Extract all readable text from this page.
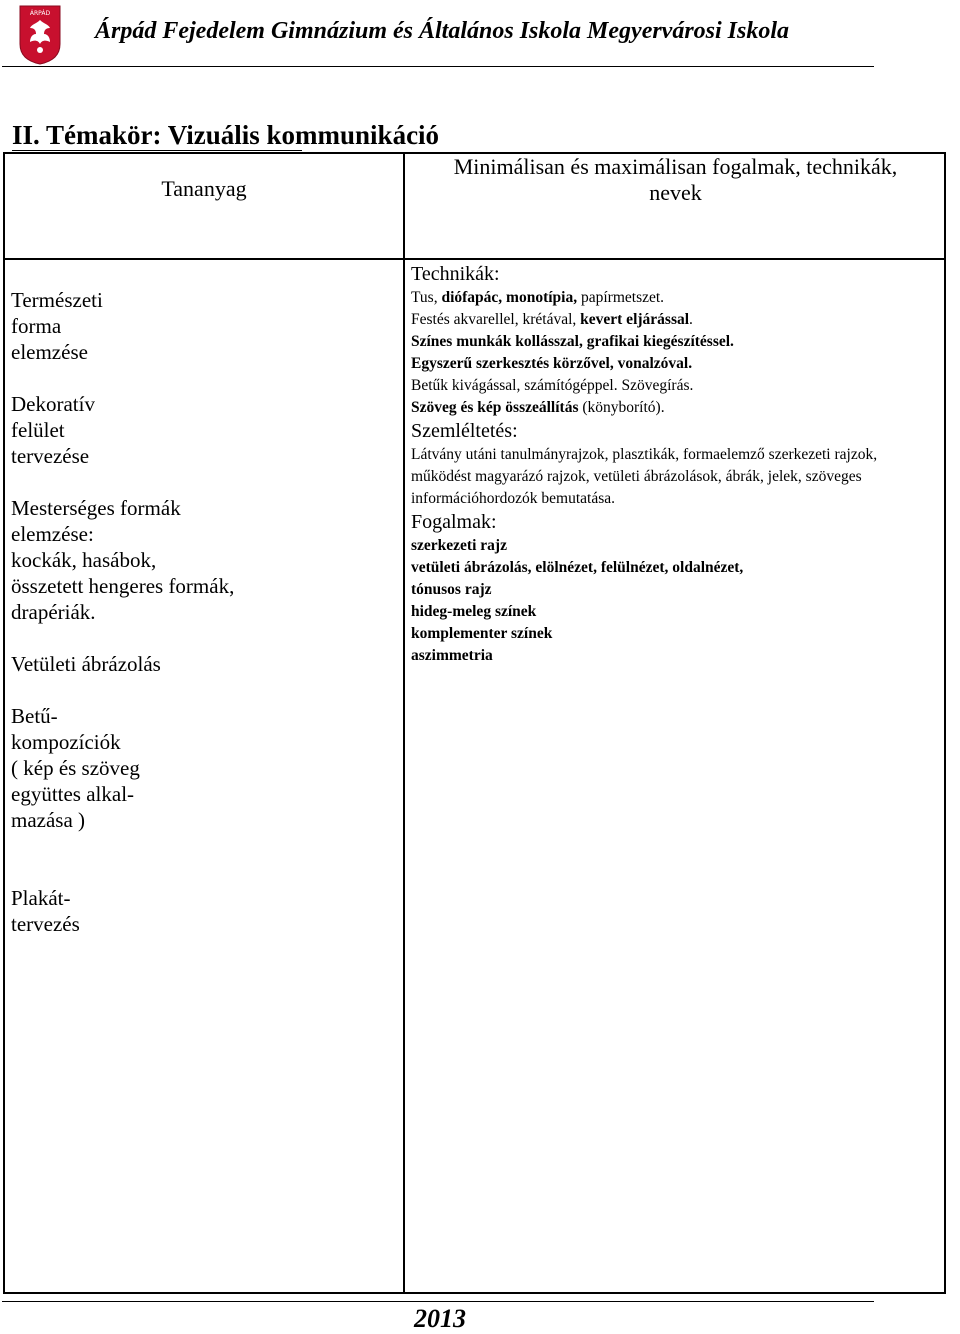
ÁRPÁD
Árpád Fejedelem Gimnázium és Általános Iskola Megyervárosi Iskola
II. Témakör: Vizuális kommunikáció
Tananyag
Minimálisan és maximálisan fogalmak, technikák,
nevek
Természeti
forma
elemzése
Dekoratív
felület
tervezése
Mesterséges formák
elemzése:
kockák, hasábok,
összetett hengeres formák,
drapériák.
Vetületi ábrázolás
Betű-
kompozíciók
( kép és szöveg
együttes alkal-
mazása )
Plakát-
tervezés

Technikák:

Tus, diófapác, monotípia, papírmetszet.

Festés akvarellel, krétával, kevert eljárással.

Színes munkák kollásszal, grafikai kiegészítéssel.

Egyszerű szerkesztés körzővel, vonalzóval.

Betűk kivágással, számítógéppel. Szövegírás.

Szöveg és kép összeállítás (könyborító).

Szemléltetés:

Látvány utáni tanulmányrajzok, plasztikák, formaelemző szerkezeti rajzok, működést magyarázó rajzok, vetületi ábrázolások, ábrák, jelek, szöveges információhordozók bemutatása.

Fogalmak:

szerkezeti rajz

vetületi ábrázolás, elölnézet, felülnézet, oldalnézet,

tónusos rajz

hideg-meleg színek

komplementer színek

aszimmetria

2013
